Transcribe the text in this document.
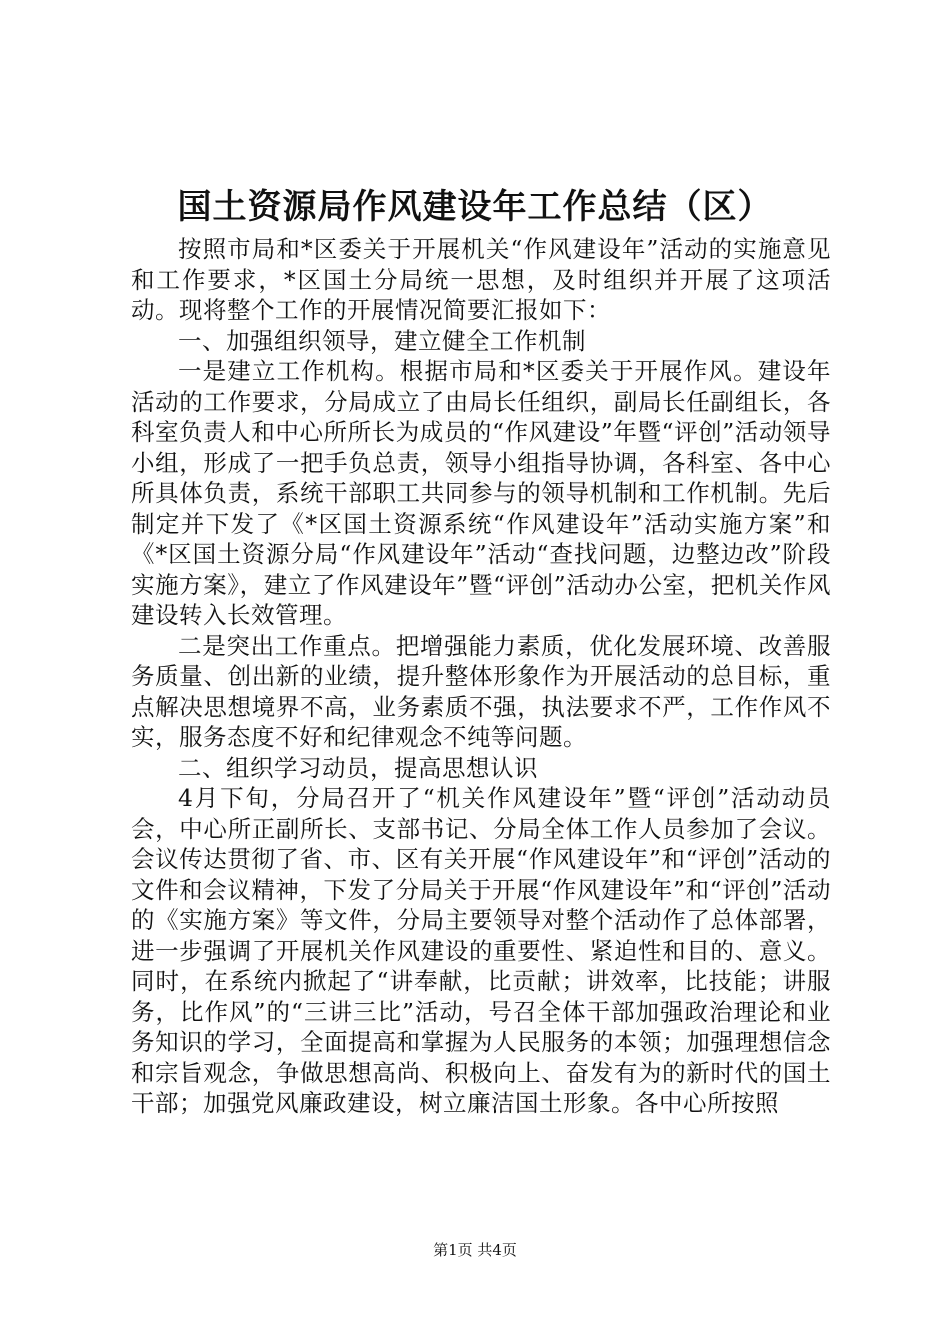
国土资源局作风建设年工作总结（区）

按照市局和*区委关于开展机关“作风建设年”活动的实施意见和工作要求，*区国土分局统一思想，及时组织并开展了这项活动。现将整个工作的开展情况简要汇报如下：

一、加强组织领导，建立健全工作机制

一是建立工作机构。根据市局和*区委关于开展作风。建设年活动的工作要求，分局成立了由局长任组织，副局长任副组长，各科室负责人和中心所所长为成员的“作风建设”年暨“评创”活动领导小组，形成了一把手负总责，领导小组指导协调，各科室、各中心所具体负责，系统干部职工共同参与的领导机制和工作机制。先后制定并下发了《*区国土资源系统“作风建设年”活动实施方案”和《*区国土资源分局“作风建设年”活动“查找问题，边整边改”阶段实施方案》，建立了作风建设年”暨“评创”活动办公室，把机关作风建设转入长效管理。

二是突出工作重点。把增强能力素质，优化发展环境、改善服务质量、创出新的业绩，提升整体形象作为开展活动的总目标，重点解决思想境界不高，业务素质不强，执法要求不严，工作作风不实，服务态度不好和纪律观念不纯等问题。

二、组织学习动员，提高思想认识

4月下旬，分局召开了“机关作风建设年”暨“评创”活动动员会，中心所正副所长、支部书记、分局全体工作人员参加了会议。会议传达贯彻了省、市、区有关开展“作风建设年”和“评创”活动的文件和会议精神，下发了分局关于开展“作风建设年”和“评创”活动的《实施方案》等文件，分局主要领导对整个活动作了总体部署，进一步强调了开展机关作风建设的重要性、紧迫性和目的、意义。同时，在系统内掀起了“讲奉献，比贡献；讲效率，比技能；讲服务，比作风”的“三讲三比”活动，号召全体干部加强政治理论和业务知识的学习，全面提高和掌握为人民服务的本领；加强理想信念和宗旨观念，争做思想高尚、积极向上、奋发有为的新时代的国土干部；加强党风廉政建设，树立廉洁国土形象。各中心所按照

第1页 共4页
